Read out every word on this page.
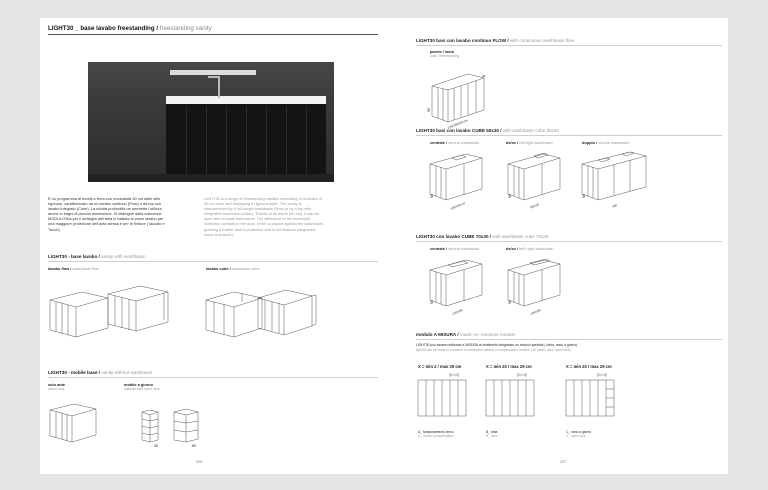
LIGHT30 _ base lavabo freestanding / freestanding vanity
È un programma di mobili a terra con modularità 30 cm dalle stile rigoroso, caratterizzato da un lavabo continuo (Flow) o da top con lavabo integrato (Cube). La ridotta profondità ne permette l'utilizzo anche in bagni di piccola dimensione. Si distingue dalla collezione MODULO30a per il dettaglio dell'anta in battuta al piano lavabo per una maggiore protezione dell'anta stessa e per le finiture ( laccato e Touch).
LIGHT30 is a range of freestanding vanities consisting of modules of 30 cm each and displaying a rigorous style. The vanity is characterized by a full-length washbasin (flow) or by a top with integrated washbasin (cube). Thanks to its depth (40 cm), it can be used also in small bathrooms. The difference to the modulo30 collection consists in the door, which is placed against the washbasin, granting a further door's protection and in the finishes (lacquered wood and touch).
LIGHT30 - base lavabo / vanity with washbasin
lavabo flow / washbasin flow	lavabo cube / washbasin cube
LIGHT30 - mobile base / vanity without washbasin
solo ante
doors only
mobile a giorno
cabinet with open rack
30	60
226
LIGHT30 basi con lavabo continuo FLOW / with continuous washbasin flow
parete / isola
wall / freestanding
90
120/180/240 cm
40
LIGHT30 basi con lavabo CUBE 50x30 / with washbasin cube 50x30
centrale / central washbasin	dx/sx / left/right washbasin	doppio / double washbasin
90
120/180 cm
90
90/120
90
180
LIGHT30 con lavabo CUBE 70x30 / with washbasin cube 70x30
centrale / central washbasin	dx/sx / left/ right washbasin
90
120/180
90
120/180
modulo A MISURA / made- to- measure module
LIGHT30 può essere realizzato a MISURA al centimetro integrando un modulo speciale ( cieco, anta, a giorno)
light30 can be made to measure to centimeter adding a compensation module ( fix panel, door, open rack)
X = min 2 / max 29 cm	X = min 20 / max 29 cm	X = min 20 / max 29 cm
A_ tamponamento cieco
A_ closed compensation
B_ anta
B_ door
C_ vano a giorno
C_ open rack
227
